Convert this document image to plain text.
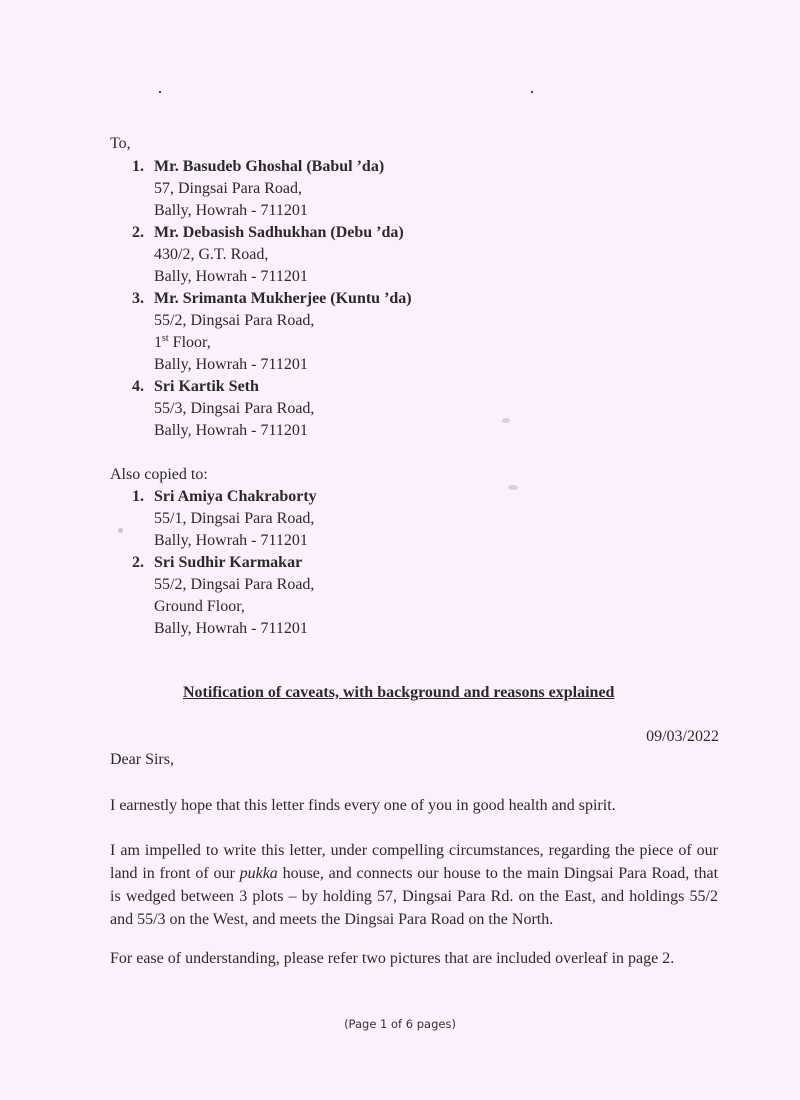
To,
1. Mr. Basudeb Ghoshal (Babul ’da)
57, Dingsai Para Road,
Bally, Howrah - 711201
2. Mr. Debasish Sadhukhan (Debu ’da)
430/2, G.T. Road,
Bally, Howrah - 711201
3. Mr. Srimanta Mukherjee (Kuntu ’da)
55/2, Dingsai Para Road,
1st Floor,
Bally, Howrah - 711201
4. Sri Kartik Seth
55/3, Dingsai Para Road,
Bally, Howrah - 711201
Also copied to:
1. Sri Amiya Chakraborty
55/1, Dingsai Para Road,
Bally, Howrah - 711201
2. Sri Sudhir Karmakar
55/2, Dingsai Para Road,
Ground Floor,
Bally, Howrah - 711201
Notification of caveats, with background and reasons explained
09/03/2022
Dear Sirs,
I earnestly hope that this letter finds every one of you in good health and spirit.
I am impelled to write this letter, under compelling circumstances, regarding the piece of our land in front of our pukka house, and connects our house to the main Dingsai Para Road, that is wedged between 3 plots – by holding 57, Dingsai Para Rd. on the East, and holdings 55/2 and 55/3 on the West, and meets the Dingsai Para Road on the North.
For ease of understanding, please refer two pictures that are included overleaf in page 2.
(Page 1 of 6 pages)
